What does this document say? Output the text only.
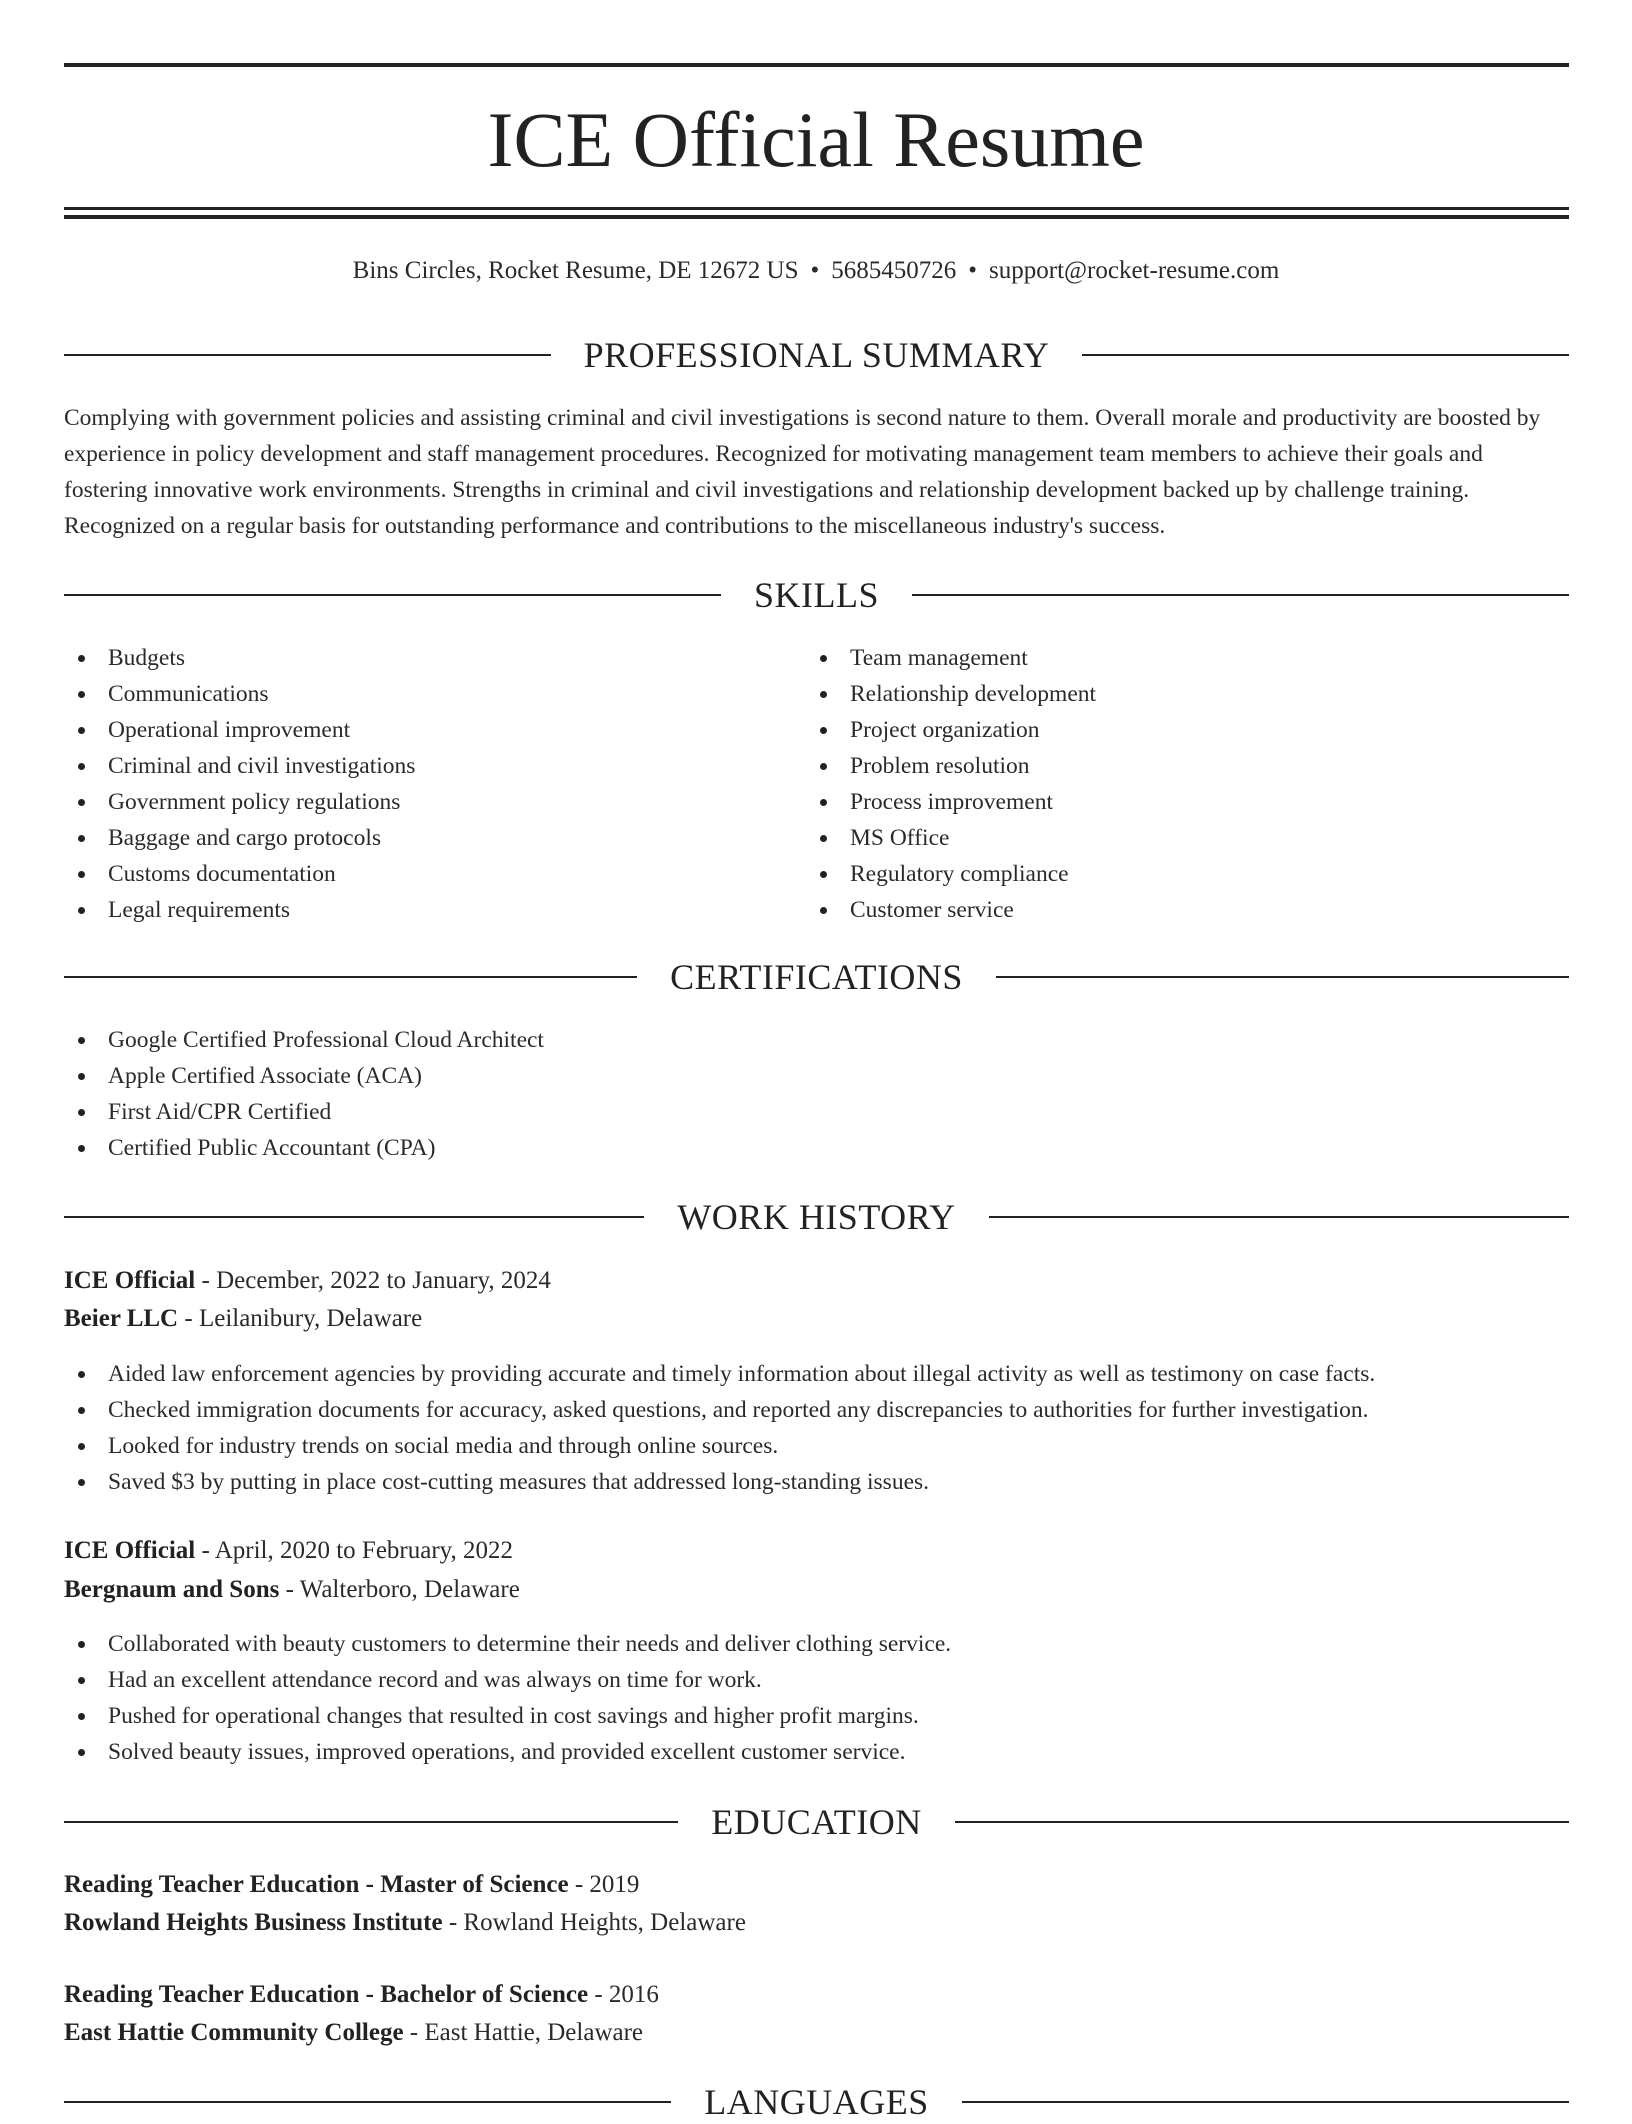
ICE Official Resume
Bins Circles, Rocket Resume, DE 12672 US • 5685450726 • support@rocket-resume.com
PROFESSIONAL SUMMARY

Complying with government policies and assisting criminal and civil investigations is second nature to them. Overall morale and productivity are boosted by experience in policy development and staff management procedures. Recognized for motivating management team members to achieve their goals and fostering innovative work environments. Strengths in criminal and civil investigations and relationship development backed up by challenge training. Recognized on a regular basis for outstanding performance and contributions to the miscellaneous industry's success.

SKILLS
Budgets
Communications
Operational improvement
Criminal and civil investigations
Government policy regulations
Baggage and cargo protocols
Customs documentation
Legal requirements
Team management
Relationship development
Project organization
Problem resolution
Process improvement
MS Office
Regulatory compliance
Customer service
CERTIFICATIONS
Google Certified Professional Cloud Architect
Apple Certified Associate (ACA)
First Aid/CPR Certified
Certified Public Accountant (CPA)
WORK HISTORY
ICE Official - December, 2022 to January, 2024
Beier LLC - Leilanibury, Delaware
Aided law enforcement agencies by providing accurate and timely information about illegal activity as well as testimony on case facts.
Checked immigration documents for accuracy, asked questions, and reported any discrepancies to authorities for further investigation.
Looked for industry trends on social media and through online sources.
Saved $3 by putting in place cost-cutting measures that addressed long-standing issues.
ICE Official - April, 2020 to February, 2022
Bergnaum and Sons - Walterboro, Delaware
Collaborated with beauty customers to determine their needs and deliver clothing service.
Had an excellent attendance record and was always on time for work.
Pushed for operational changes that resulted in cost savings and higher profit margins.
Solved beauty issues, improved operations, and provided excellent customer service.
EDUCATION
Reading Teacher Education - Master of Science - 2019
Rowland Heights Business Institute - Rowland Heights, Delaware
Reading Teacher Education - Bachelor of Science - 2016
East Hattie Community College - East Hattie, Delaware
LANGUAGES
